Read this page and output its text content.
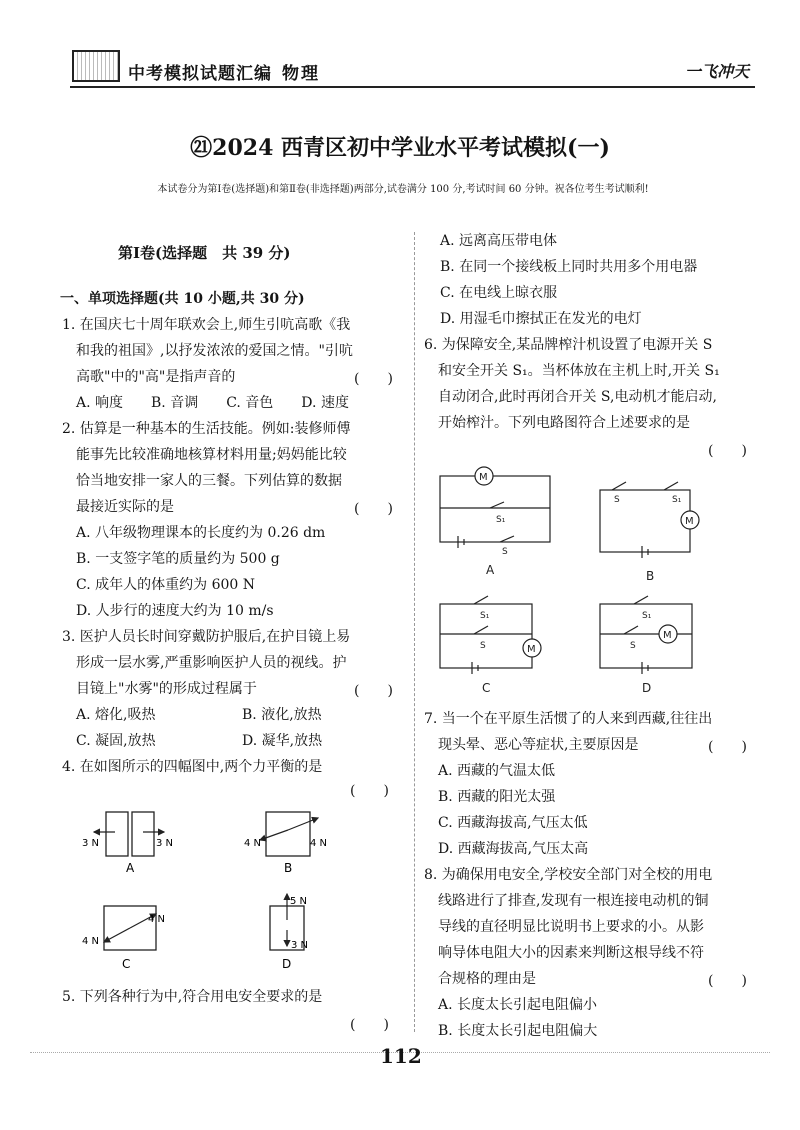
中考模拟试题汇编 物理	一飞冲天
㉑2024 西青区初中学业水平考试模拟(一)
本试卷分为第Ⅰ卷(选择题)和第Ⅱ卷(非选择题)两部分,试卷满分 100 分,考试时间 60 分钟。祝各位考生考试顺利!
第Ⅰ卷(选择题　共 39 分)
一、单项选择题(共 10 小题,共 30 分)
1. 在国庆七十周年联欢会上,师生引吭高歌《我
和我的祖国》,以抒发浓浓的爱国之情。"引吭
高歌"中的"高"是指声音的	(　　)
A. 响度　　B. 音调　　C. 音色　　D. 速度
2. 估算是一种基本的生活技能。例如:装修师傅
能事先比较准确地核算材料用量;妈妈能比较
恰当地安排一家人的三餐。下列估算的数据
最接近实际的是	(　　)
A. 八年级物理课本的长度约为 0.26 dm
B. 一支签字笔的质量约为 500 g
C. 成年人的体重约为 600 N
D. 人步行的速度大约为 10 m/s
3. 医护人员长时间穿戴防护服后,在护目镜上易
形成一层水雾,严重影响医护人员的视线。护
目镜上"水雾"的形成过程属于	(　　)
A. 熔化,吸热	B. 液化,放热
C. 凝固,放热	D. 凝华,放热
4. 在如图所示的四幅图中,两个力平衡的是
(　　)
3 N	3 N
A
4 N	4 N
B
4 N
4 N
C
5 N
3 N
D
5. 下列各种行为中,符合用电安全要求的是
(　　)
A. 远离高压带电体
B. 在同一个接线板上同时共用多个用电器
C. 在电线上晾衣服
D. 用湿毛巾擦拭正在发光的电灯
6. 为保障安全,某品牌榨汁机设置了电源开关 S
和安全开关 S₁。当杯体放在主机上时,开关 S₁
自动闭合,此时再闭合开关 S,电动机才能启动,
开始榨汁。下列电路图符合上述要求的是
(　　)
M
S₁
S
A
S	S₁
M
B
S₁
S	M
C
S₁
S
M
D
7. 当一个在平原生活惯了的人来到西藏,往往出
现头晕、恶心等症状,主要原因是	(　　)
A. 西藏的气温太低
B. 西藏的阳光太强
C. 西藏海拔高,气压太低
D. 西藏海拔高,气压太高
8. 为确保用电安全,学校安全部门对全校的用电
线路进行了排查,发现有一根连接电动机的铜
导线的直径明显比说明书上要求的小。从影
响导体电阻大小的因素来判断这根导线不符
合规格的理由是	(　　)
A. 长度太长引起电阻偏小
B. 长度太长引起电阻偏大
112
